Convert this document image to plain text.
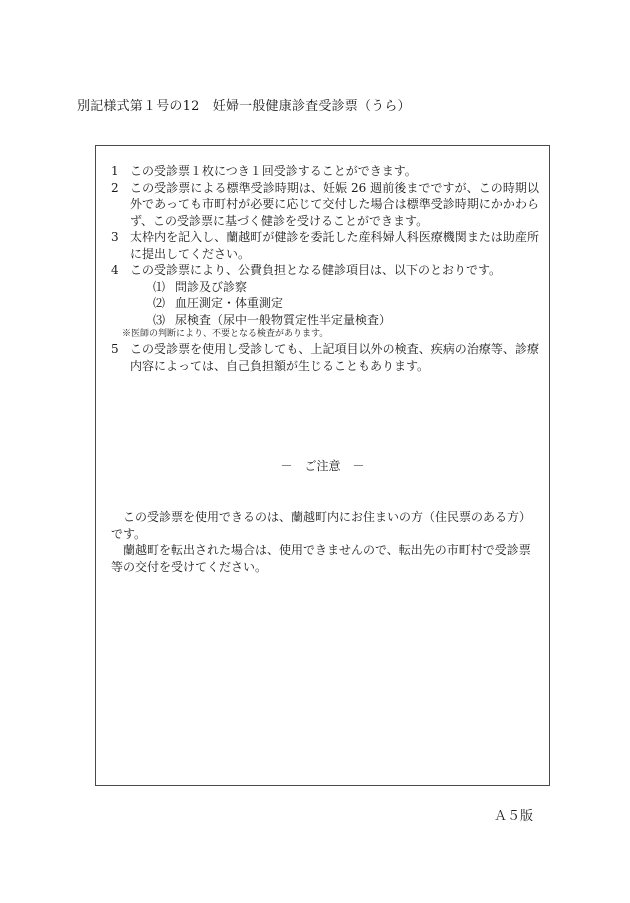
別記様式第１号の12　妊婦一般健康診査受診票（うら）
1 この受診票１枚につき１回受診することができます。
2 この受診票による標準受診時期は、妊娠 26 週前後までですが、この時期以外であっても市町村が必要に応じて交付した場合は標準受診時期にかかわらず、この受診票に基づく健診を受けることができます。
3 太枠内を記入し、蘭越町が健診を委託した産科婦人科医療機関または助産所に提出してください。
4 この受診票により、公費負担となる健診項目は、以下のとおりです。
⑴ 問診及び診察
⑵ 血圧測定・体重測定
⑶ 尿検査（尿中一般物質定性半定量検査）
※医師の判断により、不要となる検査があります。
5 この受診票を使用し受診しても、上記項目以外の検査、疾病の治療等、診療内容によっては、自己負担額が生じることもあります。
－　ご注意　－

この受診票を使用できるのは、蘭越町内にお住まいの方（住民票のある方）です。

蘭越町を転出された場合は、使用できませんので、転出先の市町村で受診票等の交付を受けてください。

Ａ５版
